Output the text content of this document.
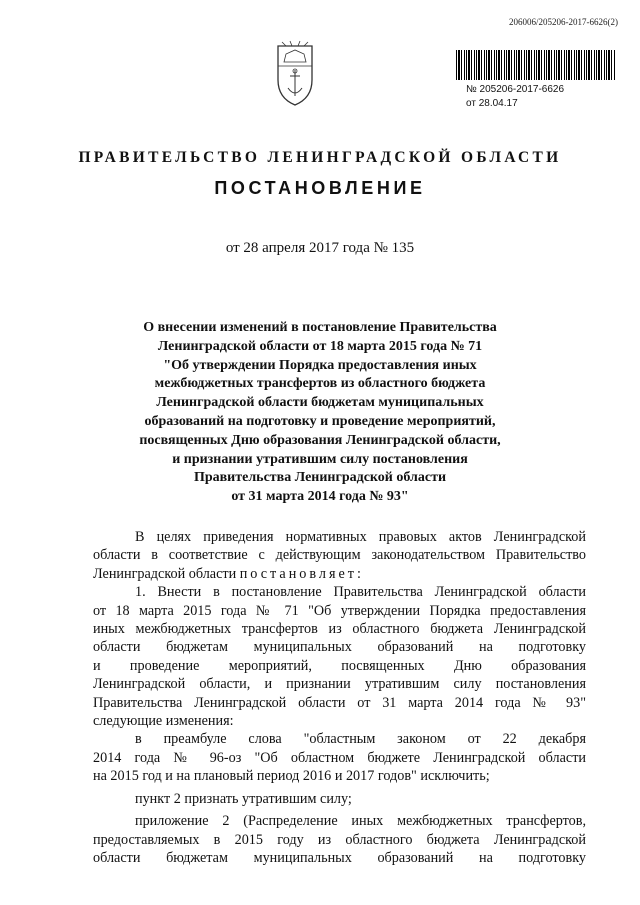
206006/205206-2017-6626(2)
№ 205206-2017-6626
от 28.04.17
ПРАВИТЕЛЬСТВО ЛЕНИНГРАДСКОЙ ОБЛАСТИ
ПОСТАНОВЛЕНИЕ
от 28 апреля 2017 года № 135
О внесении изменений в постановление Правительства
Ленинградской области от 18 марта 2015 года № 71
"Об утверждении Порядка предоставления иных
межбюджетных трансфертов из областного бюджета
Ленинградской области бюджетам муниципальных
образований на подготовку и проведение мероприятий,
посвященных Дню образования Ленинградской области,
и признании утратившим силу постановления
Правительства Ленинградской области
от 31 марта 2014 года № 93"
В целях приведения нормативных правовых актов Ленинградской
области в соответствие с действующим законодательством Правительство
Ленинградской области постановляет:
1. Внести в постановление Правительства Ленинградской области
от 18 марта 2015 года № 71 "Об утверждении Порядка предоставления
иных межбюджетных трансфертов из областного бюджета Ленинградской
области бюджетам муниципальных образований на подготовку
и проведение мероприятий, посвященных Дню образования
Ленинградской области, и признании утратившим силу постановления
Правительства Ленинградской области от 31 марта 2014 года № 93"
следующие изменения:
в преамбуле слова "областным законом от 22 декабря
2014 года № 96-оз "Об областном бюджете Ленинградской области
на 2015 год и на плановый период 2016 и 2017 годов" исключить;
пункт 2 признать утратившим силу;
приложение 2 (Распределение иных межбюджетных трансфертов,
предоставляемых в 2015 году из областного бюджета Ленинградской
области бюджетам муниципальных образований на подготовку
